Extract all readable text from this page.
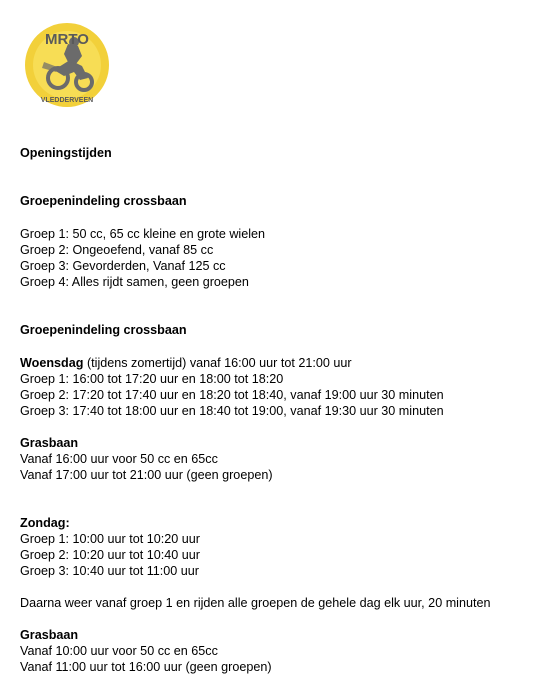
MRTO
VLEDDERVEEN
Openingstijden
Groepenindeling crossbaan
Groep 1: 50 cc, 65 cc kleine en grote wielen
Groep 2: Ongeoefend, vanaf 85 cc
Groep 3: Gevorderden, Vanaf 125 cc
Groep 4: Alles rijdt samen, geen groepen
Groepenindeling crossbaan
Woensdag (tijdens zomertijd) vanaf 16:00 uur tot 21:00 uur
Groep 1: 16:00 tot 17:20 uur en 18:00 tot 18:20
Groep 2: 17:20 tot 17:40 uur en 18:20 tot 18:40, vanaf 19:00 uur 30 minuten
Groep 3: 17:40 tot 18:00 uur en 18:40 tot 19:00, vanaf 19:30 uur 30 minuten
Grasbaan
Vanaf 16:00 uur voor 50 cc en 65cc
Vanaf 17:00 uur tot 21:00 uur (geen groepen)
Zondag:
Groep 1: 10:00 uur tot 10:20 uur
Groep 2: 10:20 uur tot 10:40 uur
Groep 3: 10:40 uur tot 11:00 uur
Daarna weer vanaf groep 1 en rijden alle groepen de gehele dag elk uur, 20 minuten
Grasbaan
Vanaf 10:00 uur voor 50 cc en 65cc
Vanaf 11:00 uur tot 16:00 uur (geen groepen)
